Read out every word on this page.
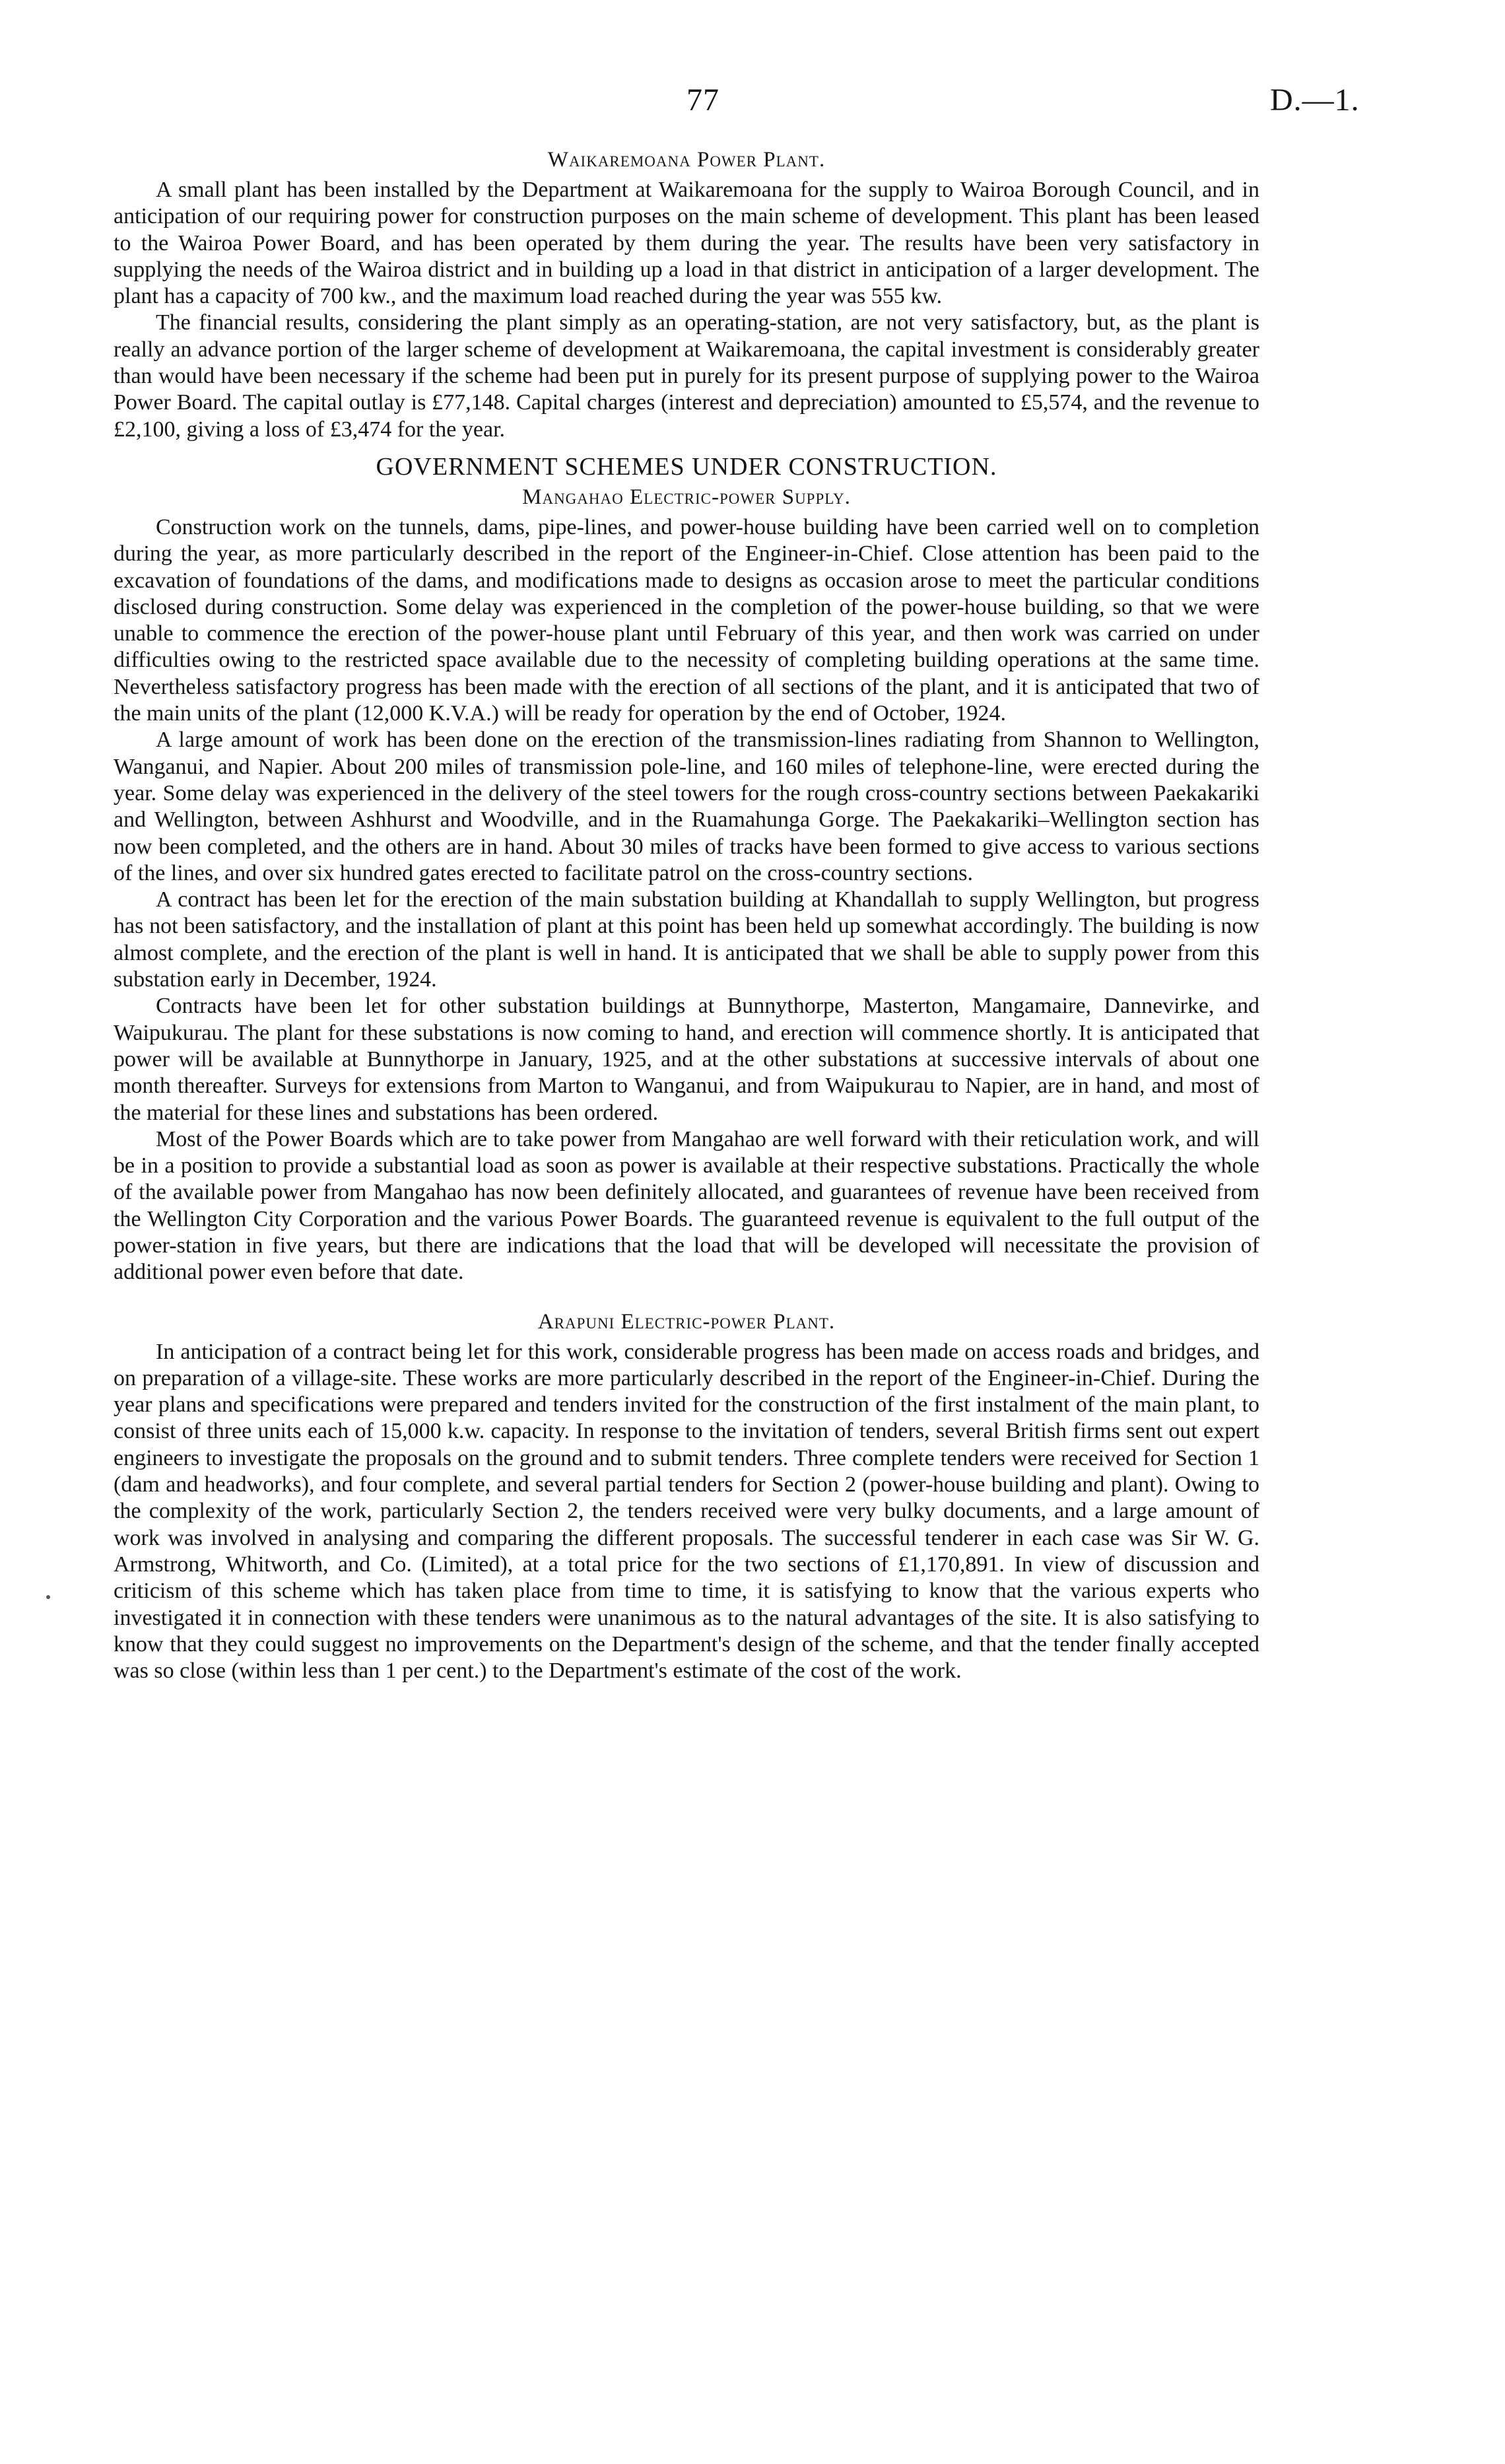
77	D.—1.
Waikaremoana Power Plant.

A small plant has been installed by the Department at Waikaremoana for the supply to Wairoa Borough Council, and in anticipation of our requiring power for construction purposes on the main scheme of development. This plant has been leased to the Wairoa Power Board, and has been operated by them during the year. The results have been very satisfactory in supplying the needs of the Wairoa district and in building up a load in that district in anticipation of a larger development. The plant has a capacity of 700 kw., and the maximum load reached during the year was 555 kw.

The financial results, considering the plant simply as an operating-station, are not very satisfactory, but, as the plant is really an advance portion of the larger scheme of development at Waikaremoana, the capital investment is considerably greater than would have been necessary if the scheme had been put in purely for its present purpose of supplying power to the Wairoa Power Board. The capital outlay is £77,148. Capital charges (interest and depreciation) amounted to £5,574, and the revenue to £2,100, giving a loss of £3,474 for the year.

GOVERNMENT SCHEMES UNDER CONSTRUCTION.
Mangahao Electric-power Supply.

Construction work on the tunnels, dams, pipe-lines, and power-house building have been carried well on to completion during the year, as more particularly described in the report of the Engineer-in-Chief. Close attention has been paid to the excavation of foundations of the dams, and modifications made to designs as occasion arose to meet the particular conditions disclosed during construction. Some delay was experienced in the completion of the power-house building, so that we were unable to commence the erection of the power-house plant until February of this year, and then work was carried on under difficulties owing to the restricted space available due to the necessity of completing building operations at the same time. Nevertheless satisfactory progress has been made with the erection of all sections of the plant, and it is anticipated that two of the main units of the plant (12,000 K.V.A.) will be ready for operation by the end of October, 1924.

A large amount of work has been done on the erection of the transmission-lines radiating from Shannon to Wellington, Wanganui, and Napier. About 200 miles of transmission pole-line, and 160 miles of telephone-line, were erected during the year. Some delay was experienced in the delivery of the steel towers for the rough cross-country sections between Paekakariki and Wellington, between Ashhurst and Woodville, and in the Ruamahunga Gorge. The Paekakariki–Wellington section has now been completed, and the others are in hand. About 30 miles of tracks have been formed to give access to various sections of the lines, and over six hundred gates erected to facilitate patrol on the cross-country sections.

A contract has been let for the erection of the main substation building at Khandallah to supply Wellington, but progress has not been satisfactory, and the installation of plant at this point has been held up somewhat accordingly. The building is now almost complete, and the erection of the plant is well in hand. It is anticipated that we shall be able to supply power from this substation early in December, 1924.

Contracts have been let for other substation buildings at Bunnythorpe, Masterton, Mangamaire, Dannevirke, and Waipukurau. The plant for these substations is now coming to hand, and erection will commence shortly. It is anticipated that power will be available at Bunnythorpe in January, 1925, and at the other substations at successive intervals of about one month thereafter. Surveys for extensions from Marton to Wanganui, and from Waipukurau to Napier, are in hand, and most of the material for these lines and substations has been ordered.

Most of the Power Boards which are to take power from Mangahao are well forward with their reticulation work, and will be in a position to provide a substantial load as soon as power is available at their respective substations. Practically the whole of the available power from Mangahao has now been definitely allocated, and guarantees of revenue have been received from the Wellington City Corporation and the various Power Boards. The guaranteed revenue is equivalent to the full output of the power-station in five years, but there are indications that the load that will be developed will necessitate the provision of additional power even before that date.

Arapuni Electric-power Plant.

In anticipation of a contract being let for this work, considerable progress has been made on access roads and bridges, and on preparation of a village-site. These works are more particularly described in the report of the Engineer-in-Chief. During the year plans and specifications were prepared and tenders invited for the construction of the first instalment of the main plant, to consist of three units each of 15,000 k.w. capacity. In response to the invitation of tenders, several British firms sent out expert engineers to investigate the proposals on the ground and to submit tenders. Three complete tenders were received for Section 1 (dam and headworks), and four complete, and several partial tenders for Section 2 (power-house building and plant). Owing to the complexity of the work, particularly Section 2, the tenders received were very bulky documents, and a large amount of work was involved in analysing and comparing the different proposals. The successful tenderer in each case was Sir W. G. Armstrong, Whitworth, and Co. (Limited), at a total price for the two sections of £1,170,891. In view of discussion and criticism of this scheme which has taken place from time to time, it is satisfying to know that the various experts who investigated it in connection with these tenders were unanimous as to the natural advantages of the site. It is also satisfying to know that they could suggest no improvements on the Department's design of the scheme, and that the tender finally accepted was so close (within less than 1 per cent.) to the Department's estimate of the cost of the work.
